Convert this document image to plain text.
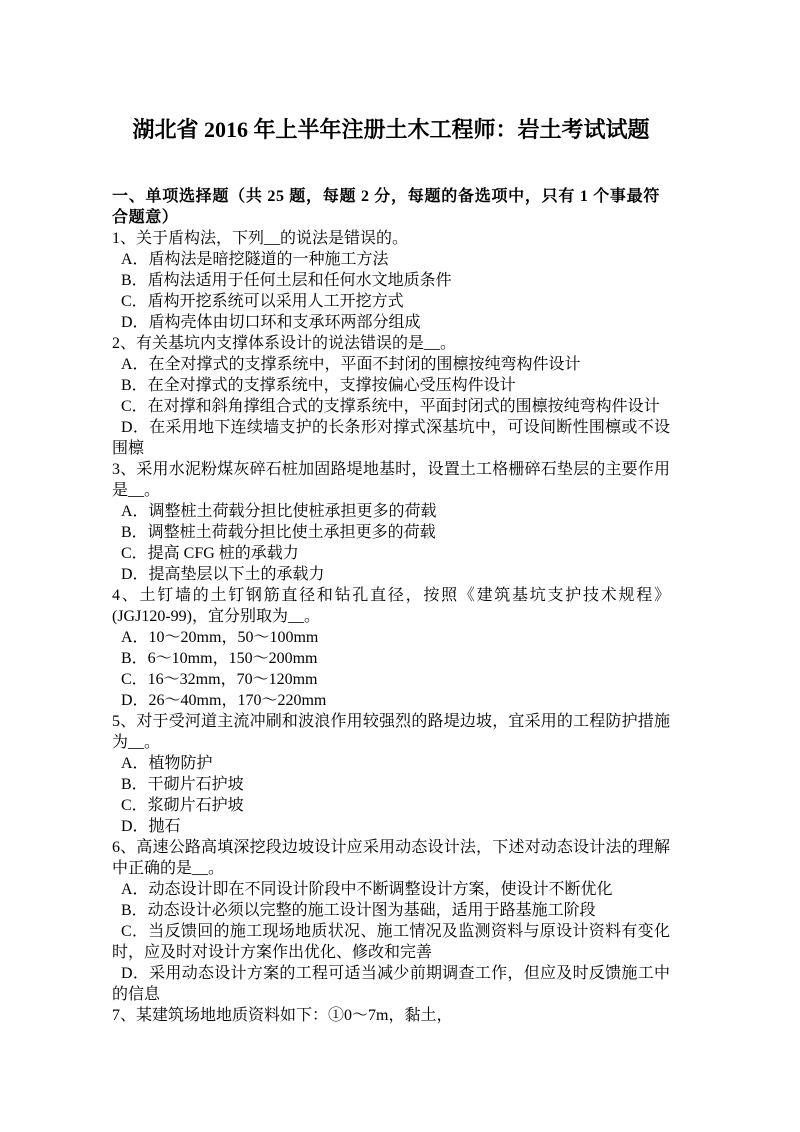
湖北省 2016 年上半年注册土木工程师：岩土考试试题

一、单项选择题（共 25 题，每题 2 分，每题的备选项中，只有 1 个事最符合题意）

1、关于盾构法，下列__的说法是错误的。

A．盾构法是暗挖隧道的一种施工方法

B．盾构法适用于任何土层和任何水文地质条件

C．盾构开挖系统可以采用人工开挖方式

D．盾构壳体由切口环和支承环两部分组成

2、有关基坑内支撑体系设计的说法错误的是__。

A．在全对撑式的支撑系统中，平面不封闭的围檩按纯弯构件设计

B．在全对撑式的支撑系统中，支撑按偏心受压构件设计

C．在对撑和斜角撑组合式的支撑系统中，平面封闭式的围檩按纯弯构件设计

D．在采用地下连续墙支护的长条形对撑式深基坑中，可设间断性围檩或不设围檩

3、采用水泥粉煤灰碎石桩加固路堤地基时，设置土工格栅碎石垫层的主要作用是__。

A．调整桩土荷载分担比使桩承担更多的荷载

B．调整桩土荷载分担比使土承担更多的荷载

C．提高 CFG 桩的承载力

D．提高垫层以下土的承载力

4、土钉墙的土钉钢筋直径和钻孔直径，按照《建筑基坑支护技术规程》(JGJ120-99)，宜分别取为__。

A．10～20mm，50～100mm

B．6～10mm，150～200mm

C．16～32mm，70～120mm

D．26～40mm，170～220mm

5、对于受河道主流冲刷和波浪作用较强烈的路堤边坡，宜采用的工程防护措施为__。

A．植物防护

B．干砌片石护坡

C．浆砌片石护坡

D．抛石

6、高速公路高填深挖段边坡设计应采用动态设计法，下述对动态设计法的理解中正确的是__。

A．动态设计即在不同设计阶段中不断调整设计方案，使设计不断优化

B．动态设计必须以完整的施工设计图为基础，适用于路基施工阶段

C．当反馈回的施工现场地质状况、施工情况及监测资料与原设计资料有变化时，应及时对设计方案作出优化、修改和完善

D．采用动态设计方案的工程可适当减少前期调查工作，但应及时反馈施工中的信息

7、某建筑场地地质资料如下：①0～7m，黏土，
